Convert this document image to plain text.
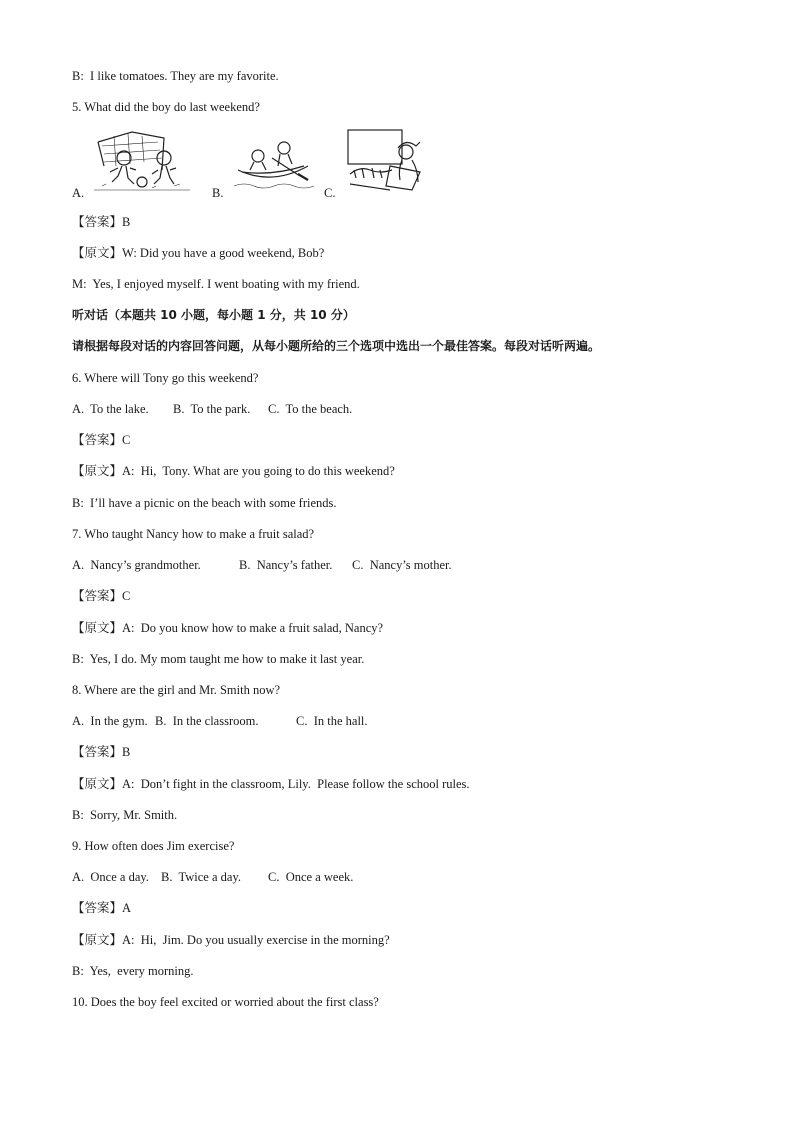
B:  I like tomatoes. They are my favorite.
5. What did the boy do last weekend?
A.	B.	C.
【答案】B
【原文】W: Did you have a good weekend, Bob?
M:  Yes, I enjoyed myself. I went boating with my friend.
听对话（本题共 10 小题，每小题 1 分，共 10 分）
请根据每段对话的内容回答问题，从每小题所给的三个选项中选出一个最佳答案。每段对话听两遍。
6. Where will Tony go this weekend?

A.  To the lake.

B.  To the park.

C.  To the beach.

【答案】C
【原文】A:  Hi,  Tony. What are you going to do this weekend?
B:  I’ll have a picnic on the beach with some friends.
7. Who taught Nancy how to make a fruit salad?

A.  Nancy’s grandmother.

	B.  Nancy’s father.

C.  Nancy’s mother.

【答案】C
【原文】A:  Do you know how to make a fruit salad, Nancy?
B:  Yes, I do. My mom taught me how to make it last year.
8. Where are the girl and Mr. Smith now?

A.  In the gym.

B.  In the classroom.

	C.  In the hall.

【答案】B
【原文】A:  Don’t fight in the classroom, Lily.  Please follow the school rules.
B:  Sorry, Mr. Smith.
9. How often does Jim exercise?

A.  Once a day.

B.  Twice a day.

C.  Once a week.

【答案】A
【原文】A:  Hi,  Jim. Do you usually exercise in the morning?
B:  Yes,  every morning.
10. Does the boy feel excited or worried about the first class?
